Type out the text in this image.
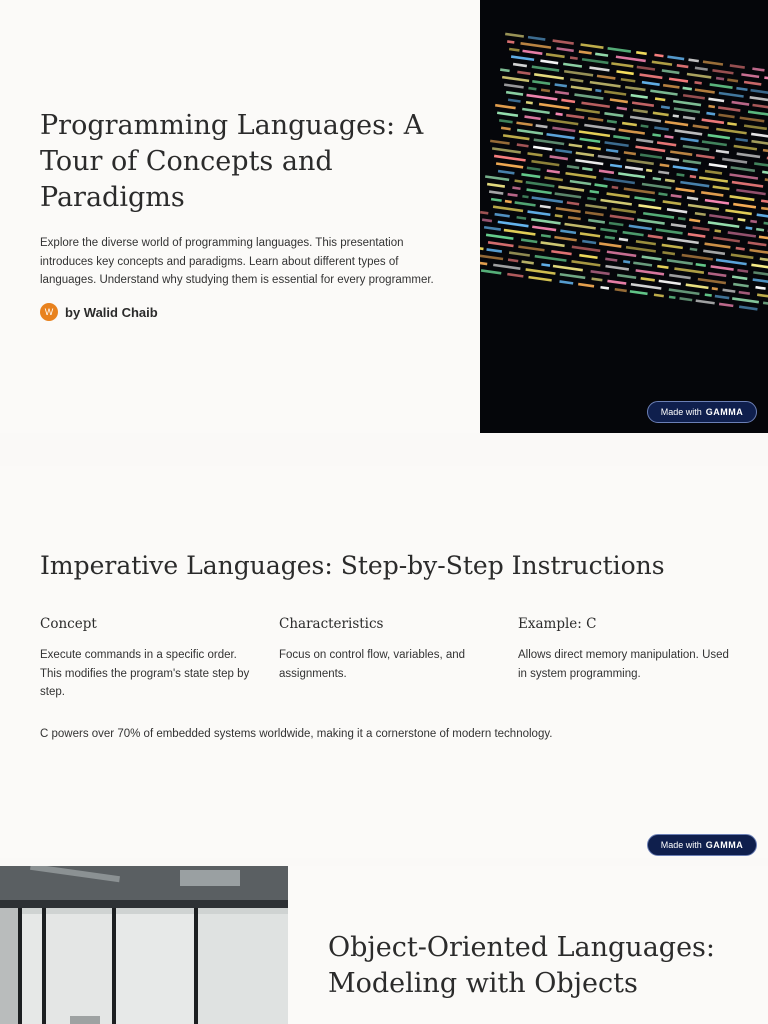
Programming Languages: A Tour of Concepts and Paradigms

Explore the diverse world of programming languages. This presentation introduces key concepts and paradigms. Learn about different types of languages. Understand why studying them is essential for every programmer.

W by Walid Chaib
Made with GAMMA
Imperative Languages: Step-by-Step Instructions
Concept
Execute commands in a specific order. This modifies the program's state step by step.
Characteristics
Focus on control flow, variables, and assignments.
Example: C
Allows direct memory manipulation. Used in system programming.

C powers over 70% of embedded systems worldwide, making it a cornerstone of modern technology.

Made with GAMMA
Object-Oriented Languages: Modeling with Objects
